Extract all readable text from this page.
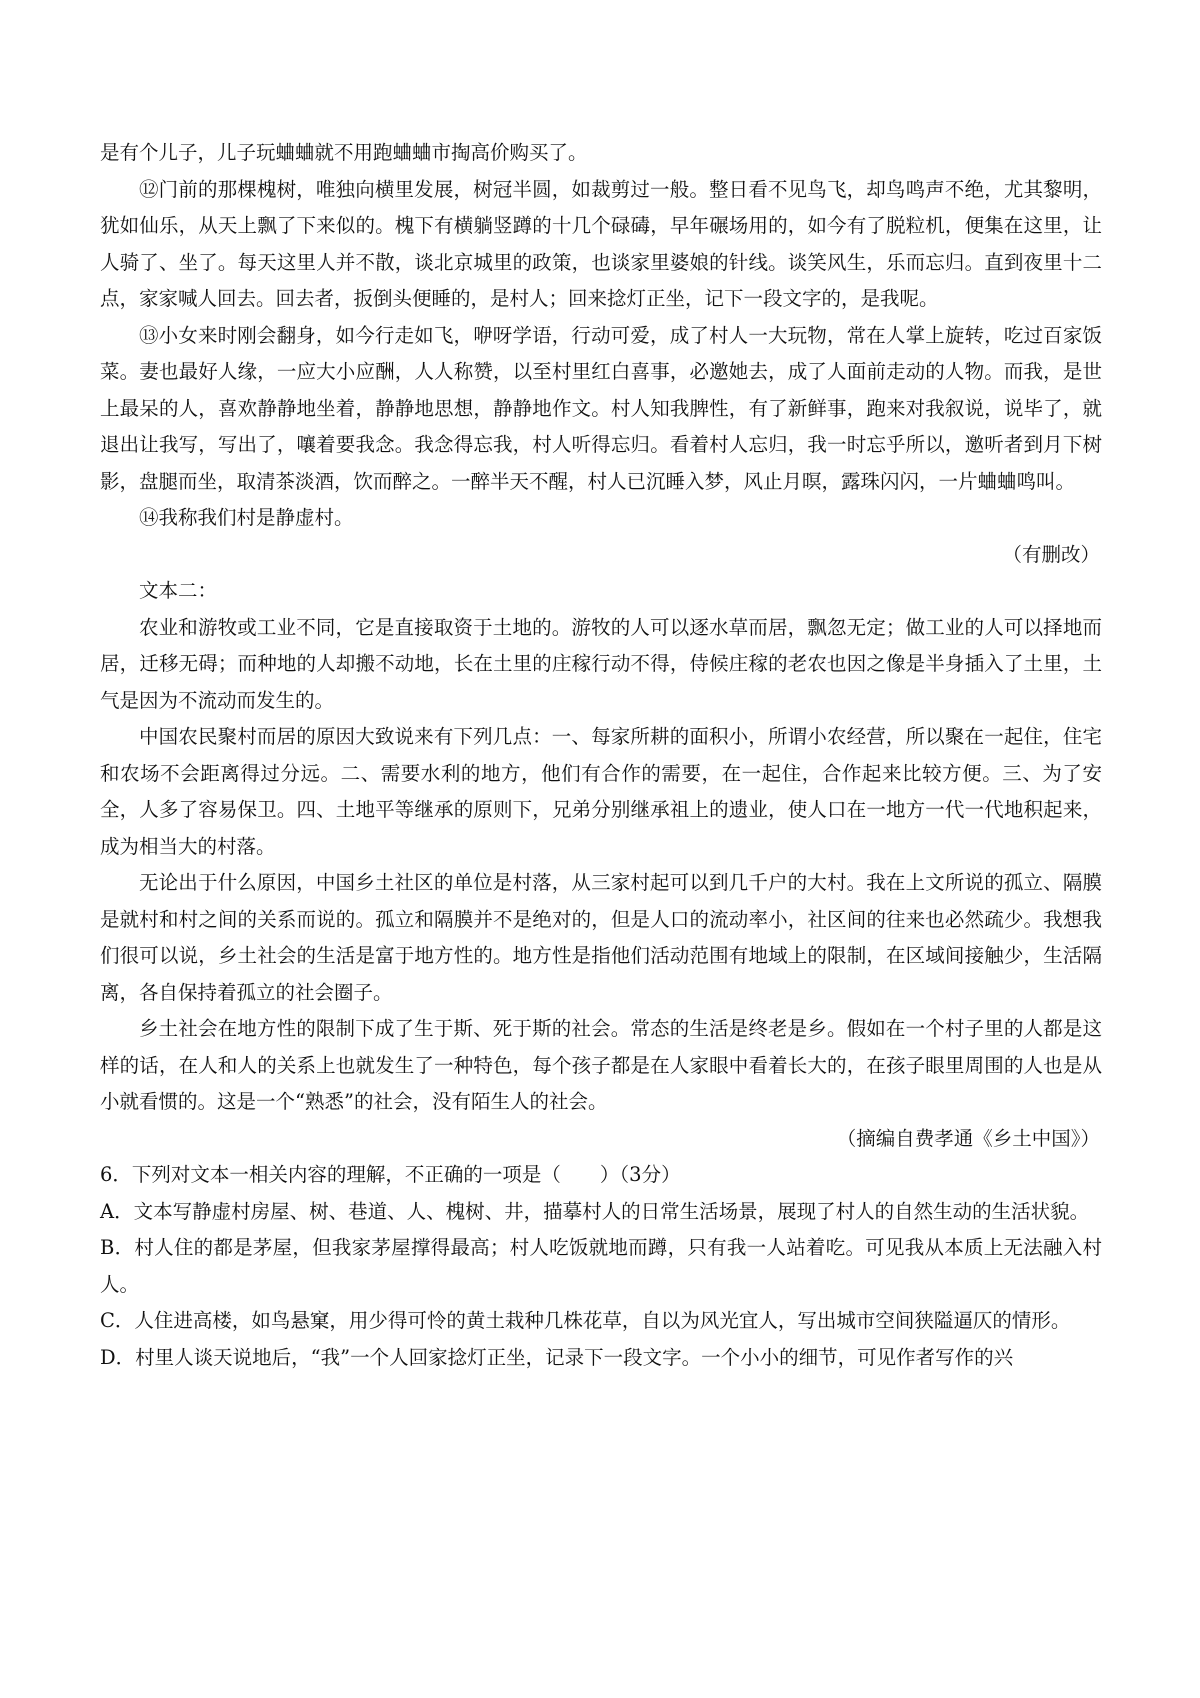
是有个儿子，儿子玩蛐蛐就不用跑蛐蛐市掏高价购买了。

⑫门前的那棵槐树，唯独向横里发展，树冠半圆，如裁剪过一般。整日看不见鸟飞，却鸟鸣声不绝，尤其黎明，犹如仙乐，从天上飘了下来似的。槐下有横躺竖蹲的十几个碌碡，早年碾场用的，如今有了脱粒机，便集在这里，让人骑了、坐了。每天这里人并不散，谈北京城里的政策，也谈家里婆娘的针线。谈笑风生，乐而忘归。直到夜里十二点，家家喊人回去。回去者，扳倒头便睡的，是村人；回来捻灯正坐，记下一段文字的，是我呢。

⑬小女来时刚会翻身，如今行走如飞，咿呀学语，行动可爱，成了村人一大玩物，常在人掌上旋转，吃过百家饭菜。妻也最好人缘，一应大小应酬，人人称赞，以至村里红白喜事，必邀她去，成了人面前走动的人物。而我，是世上最呆的人，喜欢静静地坐着，静静地思想，静静地作文。村人知我脾性，有了新鲜事，跑来对我叙说，说毕了，就退出让我写，写出了，嚷着要我念。我念得忘我，村人听得忘归。看着村人忘归，我一时忘乎所以，邀听者到月下树影，盘腿而坐，取清茶淡酒，饮而醉之。一醉半天不醒，村人已沉睡入梦，风止月暝，露珠闪闪，一片蛐蛐鸣叫。

⑭我称我们村是静虚村。

（有删改）

文本二：

农业和游牧或工业不同，它是直接取资于土地的。游牧的人可以逐水草而居，飘忽无定；做工业的人可以择地而居，迁移无碍；而种地的人却搬不动地，长在土里的庄稼行动不得，侍候庄稼的老农也因之像是半身插入了土里，土气是因为不流动而发生的。

中国农民聚村而居的原因大致说来有下列几点：一、每家所耕的面积小，所谓小农经营，所以聚在一起住，住宅和农场不会距离得过分远。二、需要水利的地方，他们有合作的需要，在一起住，合作起来比较方便。三、为了安全，人多了容易保卫。四、土地平等继承的原则下，兄弟分别继承祖上的遗业，使人口在一地方一代一代地积起来，成为相当大的村落。

无论出于什么原因，中国乡土社区的单位是村落，从三家村起可以到几千户的大村。我在上文所说的孤立、隔膜是就村和村之间的关系而说的。孤立和隔膜并不是绝对的，但是人口的流动率小，社区间的往来也必然疏少。我想我们很可以说，乡土社会的生活是富于地方性的。地方性是指他们活动范围有地域上的限制，在区域间接触少，生活隔离，各自保持着孤立的社会圈子。

乡土社会在地方性的限制下成了生于斯、死于斯的社会。常态的生活是终老是乡。假如在一个村子里的人都是这样的话，在人和人的关系上也就发生了一种特色，每个孩子都是在人家眼中看着长大的，在孩子眼里周围的人也是从小就看惯的。这是一个“熟悉”的社会，没有陌生人的社会。

（摘编自费孝通《乡土中国》）

6．下列对文本一相关内容的理解，不正确的一项是（　　）（3分）

A．文本写静虚村房屋、树、巷道、人、槐树、井，描摹村人的日常生活场景，展现了村人的自然生动的生活状貌。

B．村人住的都是茅屋，但我家茅屋撑得最高；村人吃饭就地而蹲，只有我一人站着吃。可见我从本质上无法融入村人。

C．人住进高楼，如鸟悬窠，用少得可怜的黄土栽种几株花草，自以为风光宜人，写出城市空间狭隘逼仄的情形。

D．村里人谈天说地后，“我”一个人回家捻灯正坐，记录下一段文字。一个小小的细节，可见作者写作的兴
